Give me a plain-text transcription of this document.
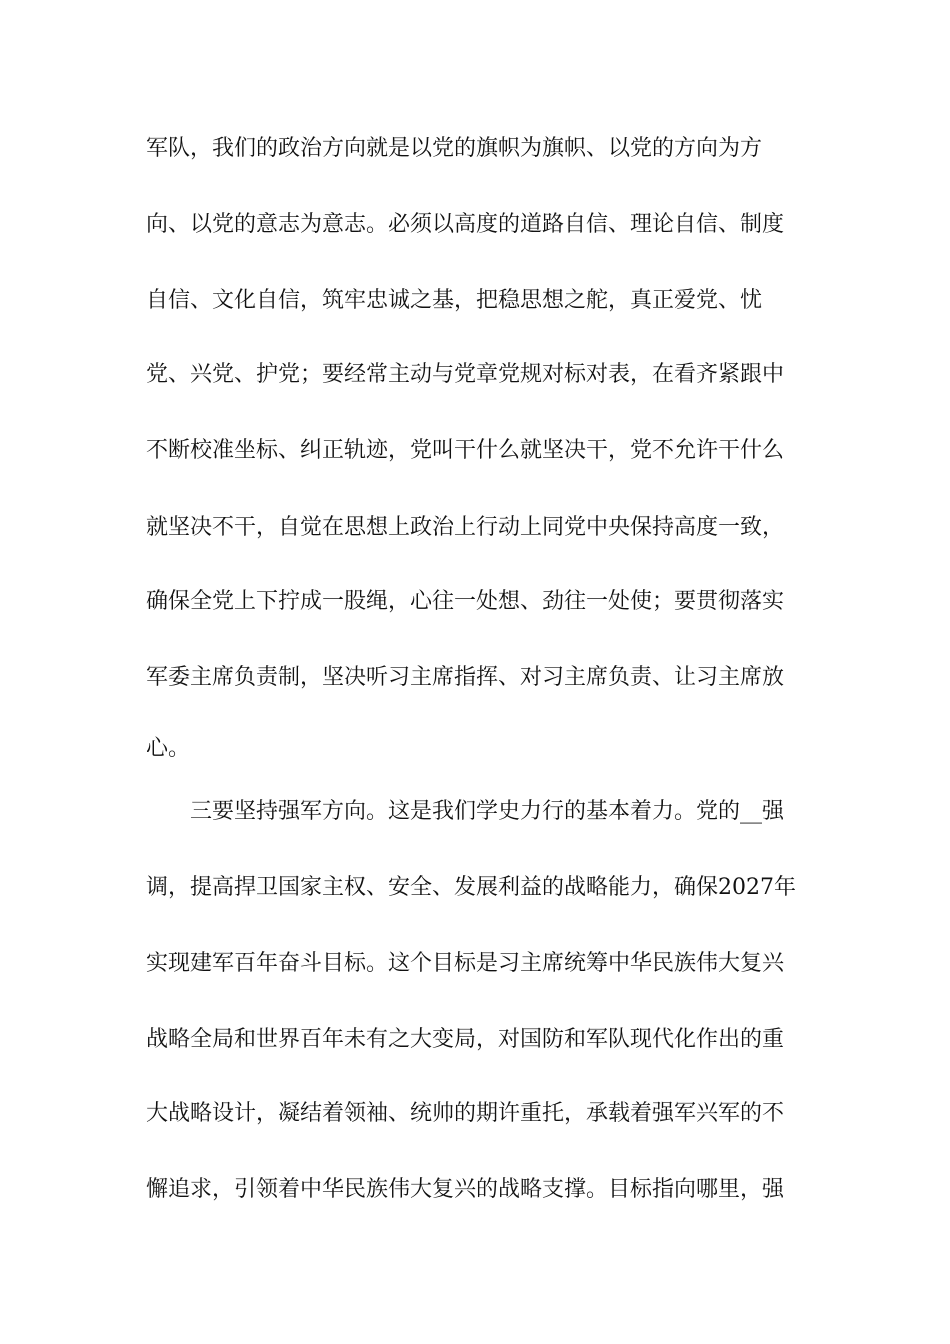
军队，我们的政治方向就是以党的旗帜为旗帜、以党的方向为方
向、以党的意志为意志。必须以高度的道路自信、理论自信、制度
自信、文化自信，筑牢忠诚之基，把稳思想之舵，真正爱党、忧
党、兴党、护党；要经常主动与党章党规对标对表，在看齐紧跟中
不断校准坐标、纠正轨迹，党叫干什么就坚决干，党不允许干什么
就坚决不干，自觉在思想上政治上行动上同党中央保持高度一致，
确保全党上下拧成一股绳，心往一处想、劲往一处使；要贯彻落实
军委主席负责制，坚决听习主席指挥、对习主席负责、让习主席放
心。
三要坚持强军方向。这是我们学史力行的基本着力。党的__强
调，提高捍卫国家主权、安全、发展利益的战略能力，确保2027年
实现建军百年奋斗目标。这个目标是习主席统筹中华民族伟大复兴
战略全局和世界百年未有之大变局，对国防和军队现代化作出的重
大战略设计，凝结着领袖、统帅的期许重托，承载着强军兴军的不
懈追求，引领着中华民族伟大复兴的战略支撑。目标指向哪里，强
